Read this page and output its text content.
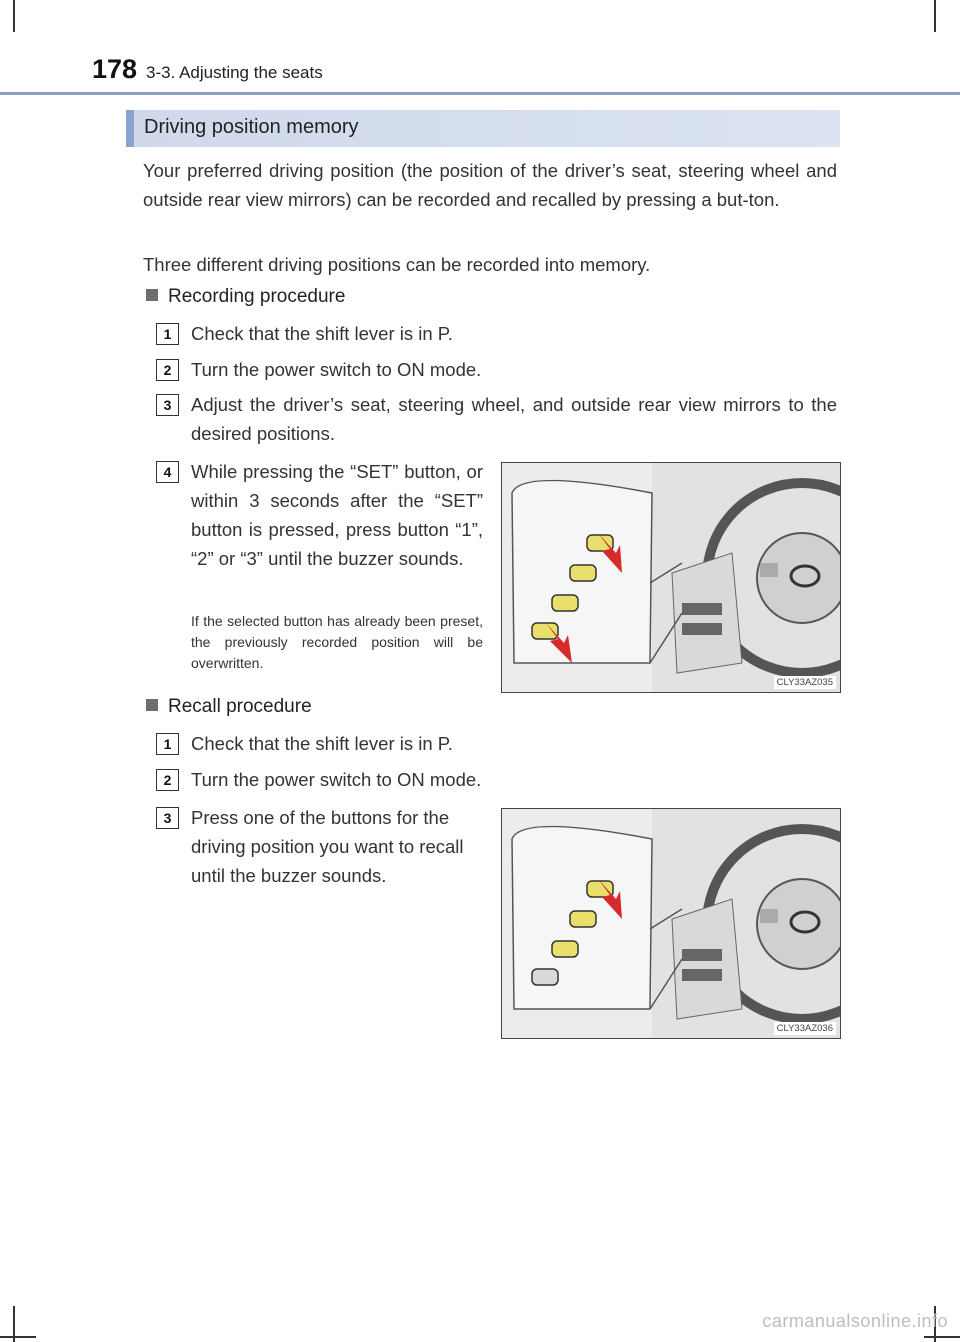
178 3-3. Adjusting the seats
Driving position memory
Your preferred driving position (the position of the driver’s seat, steering wheel and outside rear view mirrors) can be recorded and recalled by pressing a but-ton.
Three different driving positions can be recorded into memory.
Recording procedure
1	Check that the shift lever is in P.
2	Turn the power switch to ON mode.
3	Adjust the driver’s seat, steering wheel, and outside rear view mirrors to the desired positions.
4	While pressing the “SET” button, or within 3 seconds after the “SET” button is pressed, press button “1”, “2” or “3” until the buzzer sounds.
If the selected button has already been preset, the previously recorded position will be overwritten.
CLY33AZ035
Recall procedure
1	Check that the shift lever is in P.
2	Turn the power switch to ON mode.
3	Press one of the buttons for the driving position you want to recall until the buzzer sounds.
CLY33AZ036
carmanualsonline.info
